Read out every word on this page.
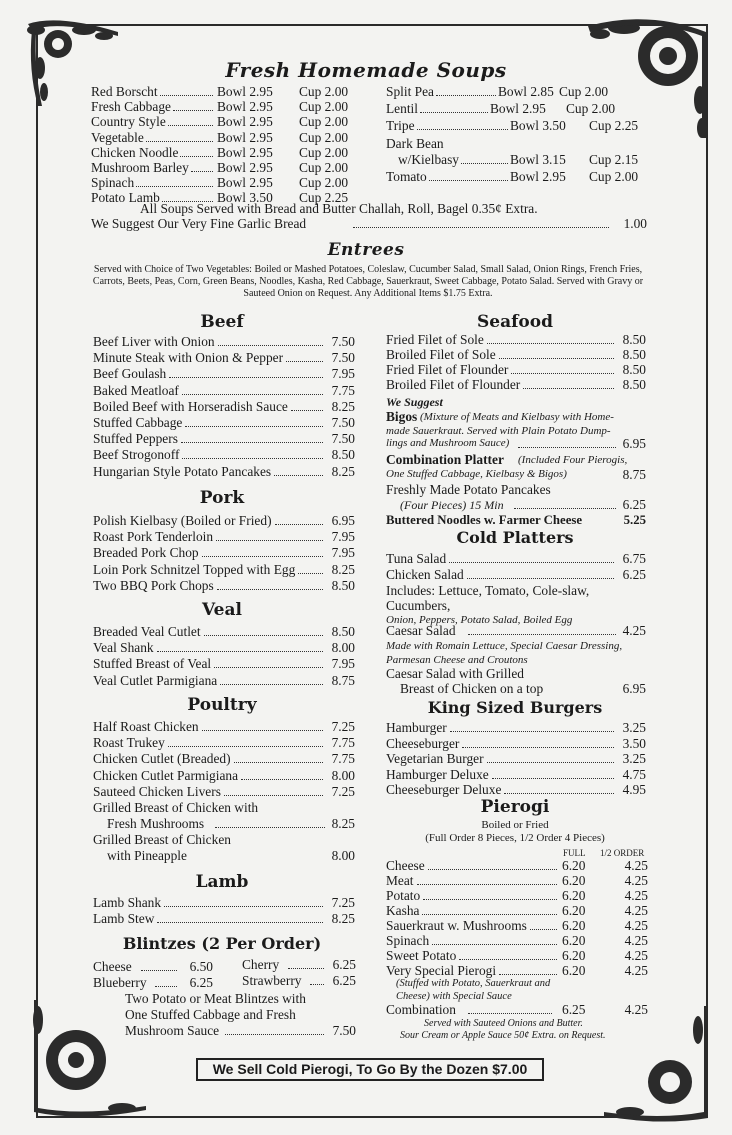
Fresh Homemade Soups
Red Borscht	Bowl 2.95 Cup 2.00
Fresh Cabbage	Bowl 2.95 Cup 2.00
Country Style	Bowl 2.95 Cup 2.00
Vegetable	Bowl 2.95 Cup 2.00
Chicken Noodle	Bowl 2.95 Cup 2.00
Mushroom Barley Bowl 2.95 Cup 2.00
Spinach	Bowl 2.95 Cup 2.00
Potato Lamb	Bowl 3.50 Cup 2.25
Split Pea	Bowl 2.85 Cup 2.00
Lentil	Bowl 2.95 Cup 2.00
Tripe	Bowl 3.50 Cup 2.25
Dark Bean
w/Kielbasy	Bowl 3.15 Cup 2.15
Tomato	Bowl 2.95 Cup 2.00
All Soups Served with Bread and Butter Challah, Roll, Bagel 0.35¢ Extra.
We Suggest Our Very Fine Garlic Bread	1.00
Entrees
Served with Choice of Two Vegetables: Boiled or Mashed Potatoes, Coleslaw, Cucumber Salad, Small Salad, Onion Rings, French Fries, Carrots, Beets, Peas, Corn, Green Beans, Noodles, Kasha, Red Cabbage, Sauerkraut, Sweet Cabbage, Potato Salad. Served with Gravy or Sauteed Onion on Request. Any Additional Items $1.75 Extra.
Beef
Beef Liver with Onion	7.50
Minute Steak with Onion & Pepper	7.50
Beef Goulash	7.95
Baked Meatloaf	7.75
Boiled Beef with Horseradish Sauce	8.25
Stuffed Cabbage	7.50
Stuffed Peppers	7.50
Beef Strogonoff	8.50
Hungarian Style Potato Pancakes	8.25
Pork
Polish Kielbasy (Boiled or Fried)	6.95
Roast Pork Tenderloin	7.95
Breaded Pork Chop	7.95
Loin Pork Schnitzel Topped with Egg	8.25
Two BBQ Pork Chops	8.50
Veal
Breaded Veal Cutlet	8.50
Veal Shank	8.00
Stuffed Breast of Veal	7.95
Veal Cutlet Parmigiana	8.75
Poultry
Half Roast Chicken	7.25
Roast Trukey	7.75
Chicken Cutlet (Breaded)	7.75
Chicken Cutlet Parmigiana	8.00
Sauteed Chicken Livers	7.25
Grilled Breast of Chicken with
Fresh Mushrooms	8.25
Grilled Breast of Chicken
with Pineapple	8.00
Lamb
Lamb Shank	7.25
Lamb Stew	8.25
Blintzes (2 Per Order)
Cheese	6.50 Cherry	6.25
Blueberry	6.25 Strawberry 6.25
Two Potato or Meat Blintzes with
One Stuffed Cabbage and Fresh
Mushroom Sauce	7.50
Seafood
Fried Filet of Sole	8.50
Broiled Filet of Sole	8.50
Fried Filet of Flounder	8.50
Broiled Filet of Flounder	8.50
We Suggest
Bigos (Mixture of Meats and Kielbasy with Home-
made Sauerkraut. Served with Plain Potato Dump-
lings and Mushroom Sauce)	6.95
Combination Platter (Included Four Pierogis,
One Stuffed Cabbage, Kielbasy & Bigos)	8.75
Freshly Made Potato Pancakes
(Four Pieces) 15 Min	6.25
Buttered Noodles w. Farmer Cheese	5.25
Cold Platters
Tuna Salad	6.75
Chicken Salad	6.25
Includes: Lettuce, Tomato, Cole-slaw,
Cucumbers,
Onion, Peppers, Potato Salad, Boiled Egg
Caesar Salad	4.25
Made with Romain Lettuce, Special Caesar Dressing,
Parmesan Cheese and Croutons
Caesar Salad with Grilled
Breast of Chicken on a top	6.95
King Sized Burgers
Hamburger	3.25
Cheeseburger	3.50
Vegetarian Burger	3.25
Hamburger Deluxe	4.75
Cheeseburger Deluxe	4.95
Pierogi
Boiled or Fried
(Full Order 8 Pieces, 1/2 Order 4 Pieces)
FULL 1/2 ORDER
Cheese	6.20	4.25
Meat	6.20	4.25
Potato	6.20	4.25
Kasha	6.20	4.25
Sauerkraut w. Mushrooms	6.20	4.25
Spinach	6.20	4.25
Sweet Potato	6.20	4.25
Very Special Pierogi	6.20	4.25
(Stuffed with Potato, Sauerkraut and
Cheese) with Special Sauce
Combination	6.25	4.25
Served with Sauteed Onions and Butter.
Sour Cream or Apple Sauce 50¢ Extra. on Request.
We Sell Cold Pierogi, To Go By the Dozen $7.00
